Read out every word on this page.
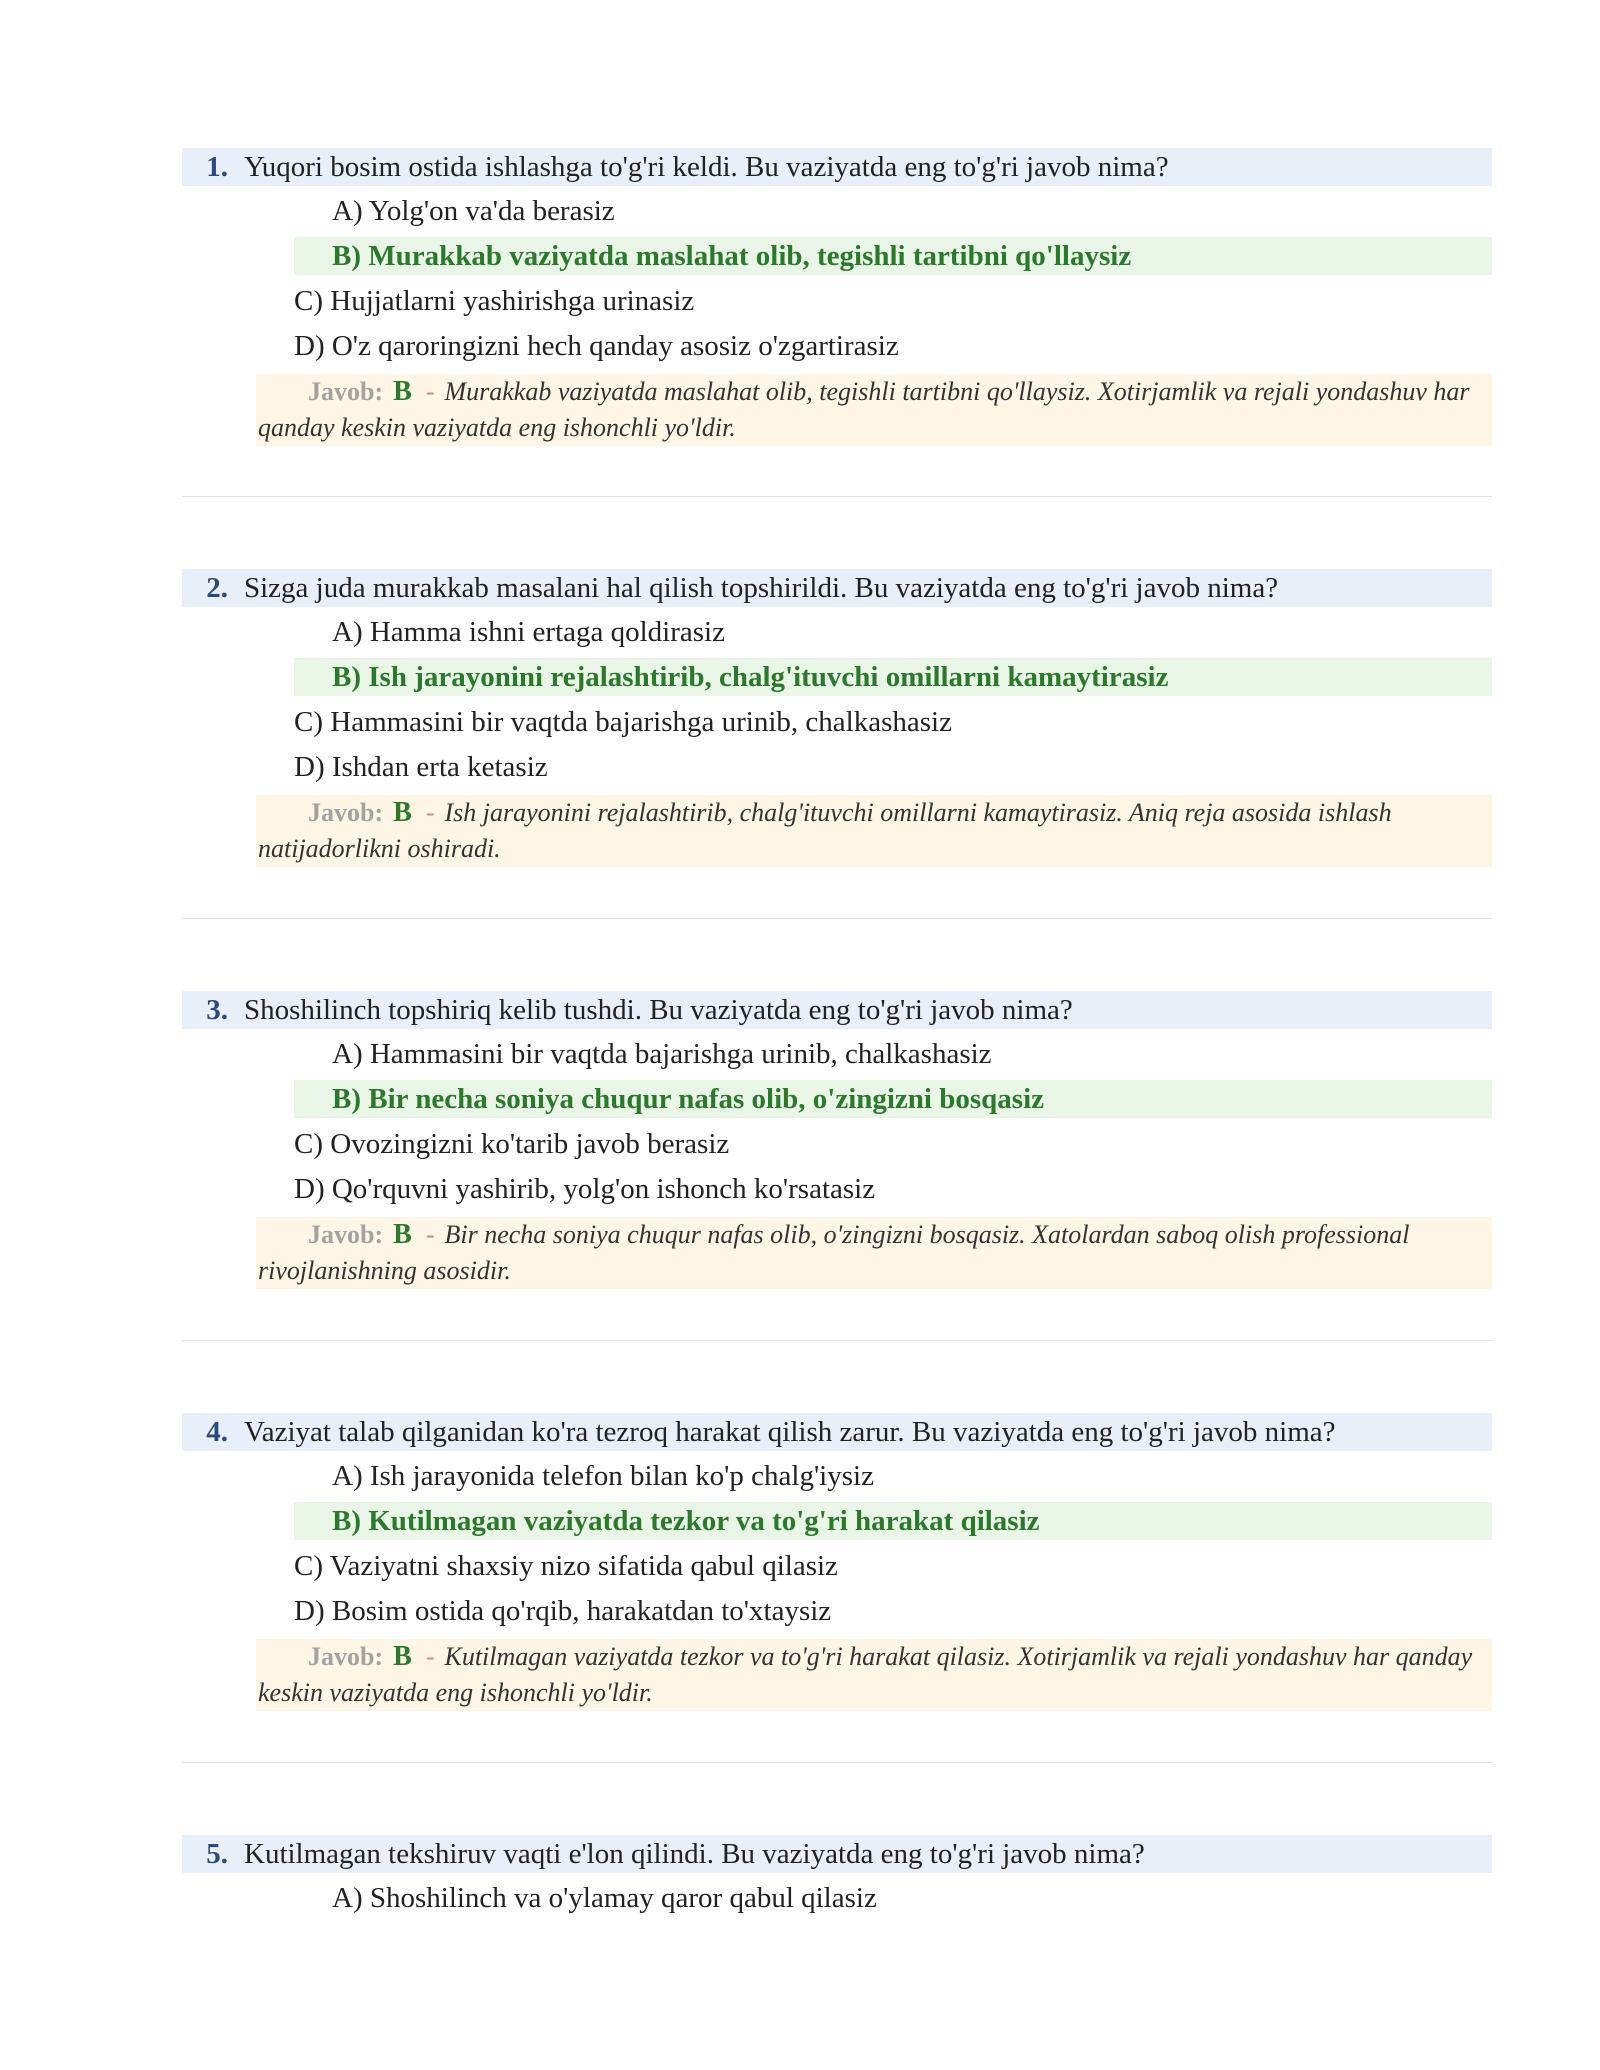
1. Yuqori bosim ostida ishlashga to'g'ri keldi. Bu vaziyatda eng to'g'ri javob nima?
A) Yolg'on va'da berasiz
B) Murakkab vaziyatda maslahat olib, tegishli tartibni qo'llaysiz
C) Hujjatlarni yashirishga urinasiz
D) O'z qaroringizni hech qanday asosiz o'zgartirasiz
Javob: B - Murakkab vaziyatda maslahat olib, tegishli tartibni qo'llaysiz. Xotirjamlik va rejali yondashuv har qanday keskin vaziyatda eng ishonchli yo'ldir.
2. Sizga juda murakkab masalani hal qilish topshirildi. Bu vaziyatda eng to'g'ri javob nima?
A) Hamma ishni ertaga qoldirasiz
B) Ish jarayonini rejalashtirib, chalg'ituvchi omillarni kamaytirasiz
C) Hammasini bir vaqtda bajarishga urinib, chalkashasiz
D) Ishdan erta ketasiz
Javob: B - Ish jarayonini rejalashtirib, chalg'ituvchi omillarni kamaytirasiz. Aniq reja asosida ishlash natijadorlikni oshiradi.
3. Shoshilinch topshiriq kelib tushdi. Bu vaziyatda eng to'g'ri javob nima?
A) Hammasini bir vaqtda bajarishga urinib, chalkashasiz
B) Bir necha soniya chuqur nafas olib, o'zingizni bosqasiz
C) Ovozingizni ko'tarib javob berasiz
D) Qo'rquvni yashirib, yolg'on ishonch ko'rsatasiz
Javob: B - Bir necha soniya chuqur nafas olib, o'zingizni bosqasiz. Xatolardan saboq olish professional rivojlanishning asosidir.
4. Vaziyat talab qilganidan ko'ra tezroq harakat qilish zarur. Bu vaziyatda eng to'g'ri javob nima?
A) Ish jarayonida telefon bilan ko'p chalg'iysiz
B) Kutilmagan vaziyatda tezkor va to'g'ri harakat qilasiz
C) Vaziyatni shaxsiy nizo sifatida qabul qilasiz
D) Bosim ostida qo'rqib, harakatdan to'xtaysiz
Javob: B - Kutilmagan vaziyatda tezkor va to'g'ri harakat qilasiz. Xotirjamlik va rejali yondashuv har qanday keskin vaziyatda eng ishonchli yo'ldir.
5. Kutilmagan tekshiruv vaqti e'lon qilindi. Bu vaziyatda eng to'g'ri javob nima?
A) Shoshilinch va o'ylamay qaror qabul qilasiz
